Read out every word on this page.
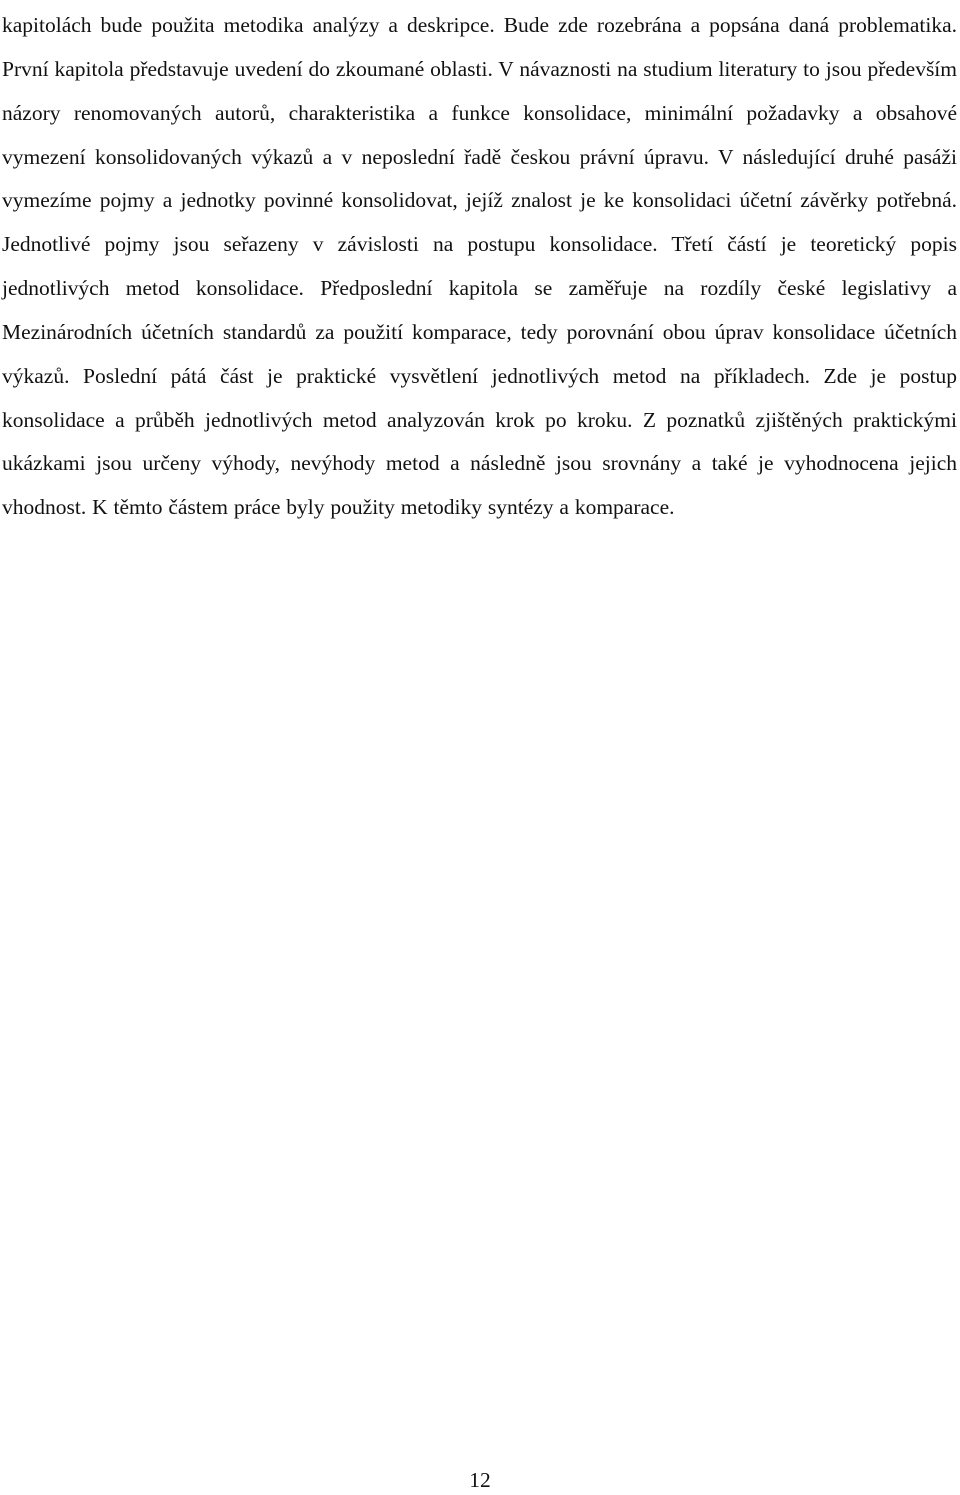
kapitolách bude použita metodika analýzy a deskripce. Bude zde rozebrána a popsána daná problematika. První kapitola představuje uvedení do zkoumané oblasti. V návaznosti na studium literatury to jsou především názory renomovaných autorů, charakteristika a funkce konsolidace, minimální požadavky a obsahové vymezení konsolidovaných výkazů a v neposlední řadě českou právní úpravu. V následující druhé pasáži vymezíme pojmy a jednotky povinné konsolidovat, jejíž znalost je ke konsolidaci účetní závěrky potřebná. Jednotlivé pojmy jsou seřazeny v závislosti na postupu konsolidace. Třetí částí je teoretický popis jednotlivých metod konsolidace. Předposlední kapitola se zaměřuje na rozdíly české legislativy a Mezinárodních účetních standardů za použití komparace, tedy porovnání obou úprav konsolidace účetních výkazů. Poslední pátá část je praktické vysvětlení jednotlivých metod na příkladech. Zde je postup konsolidace a průběh jednotlivých metod analyzován krok po kroku. Z poznatků zjištěných praktickými ukázkami jsou určeny výhody, nevýhody metod a následně jsou srovnány a také je vyhodnocena jejich vhodnost. K těmto částem práce byly použity metodiky syntézy a komparace.

12
